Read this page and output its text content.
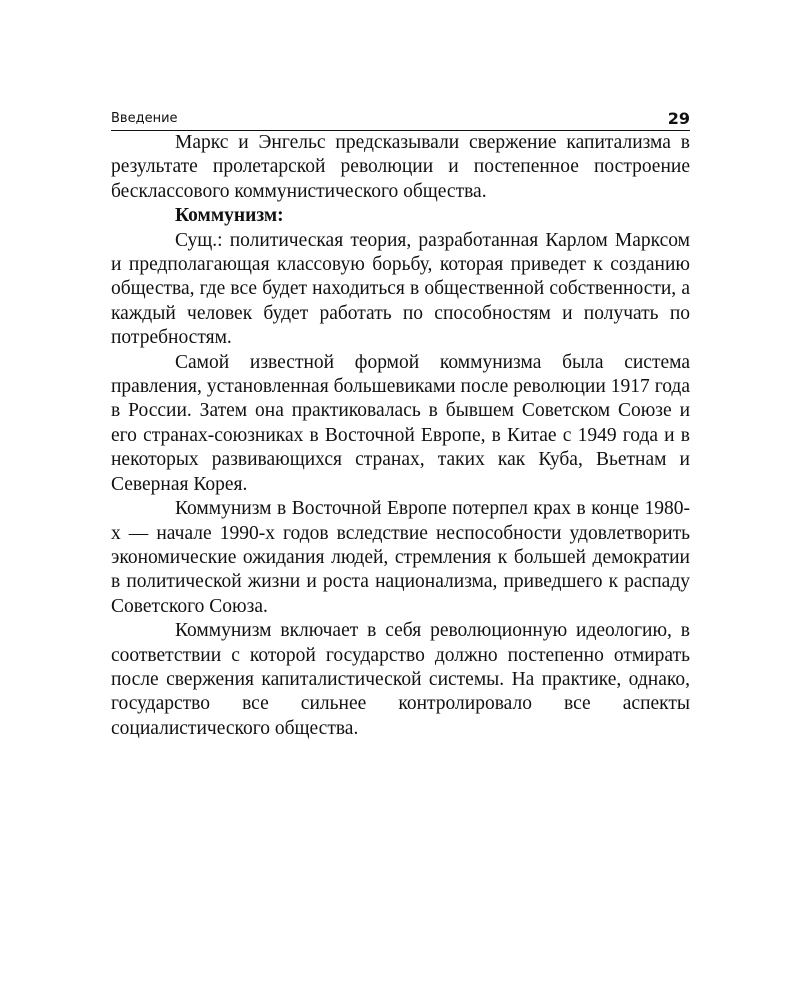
Введение	29

Маркс и Энгельс предсказывали свержение капитализма в результате пролетарской революции и постепенное построение бесклассового коммунистического общества.

Коммунизм:

Сущ.: политическая теория, разработанная Карлом Марксом и предполагающая классовую борьбу, которая приведет к созданию общества, где все будет находиться в общественной собственности, а каждый человек будет работать по способностям и получать по потребностям.

Самой известной формой коммунизма была система правления, установленная большевиками после революции 1917 года в России. Затем она практиковалась в бывшем Советском Союзе и его странах-союзниках в Восточной Европе, в Китае с 1949 года и в некоторых развивающихся странах, таких как Куба, Вьетнам и Северная Корея.

Коммунизм в Восточной Европе потерпел крах в конце 1980-х — начале 1990-х годов вследствие неспособности удовлетворить экономические ожидания людей, стремления к большей демократии в политической жизни и роста национализма, приведшего к распаду Советского Союза.

Коммунизм включает в себя революционную идеологию, в соответствии с которой государство должно постепенно отмирать после свержения капиталистической системы. На практике, однако, государство все сильнее контролировало все аспекты социалистического общества.
